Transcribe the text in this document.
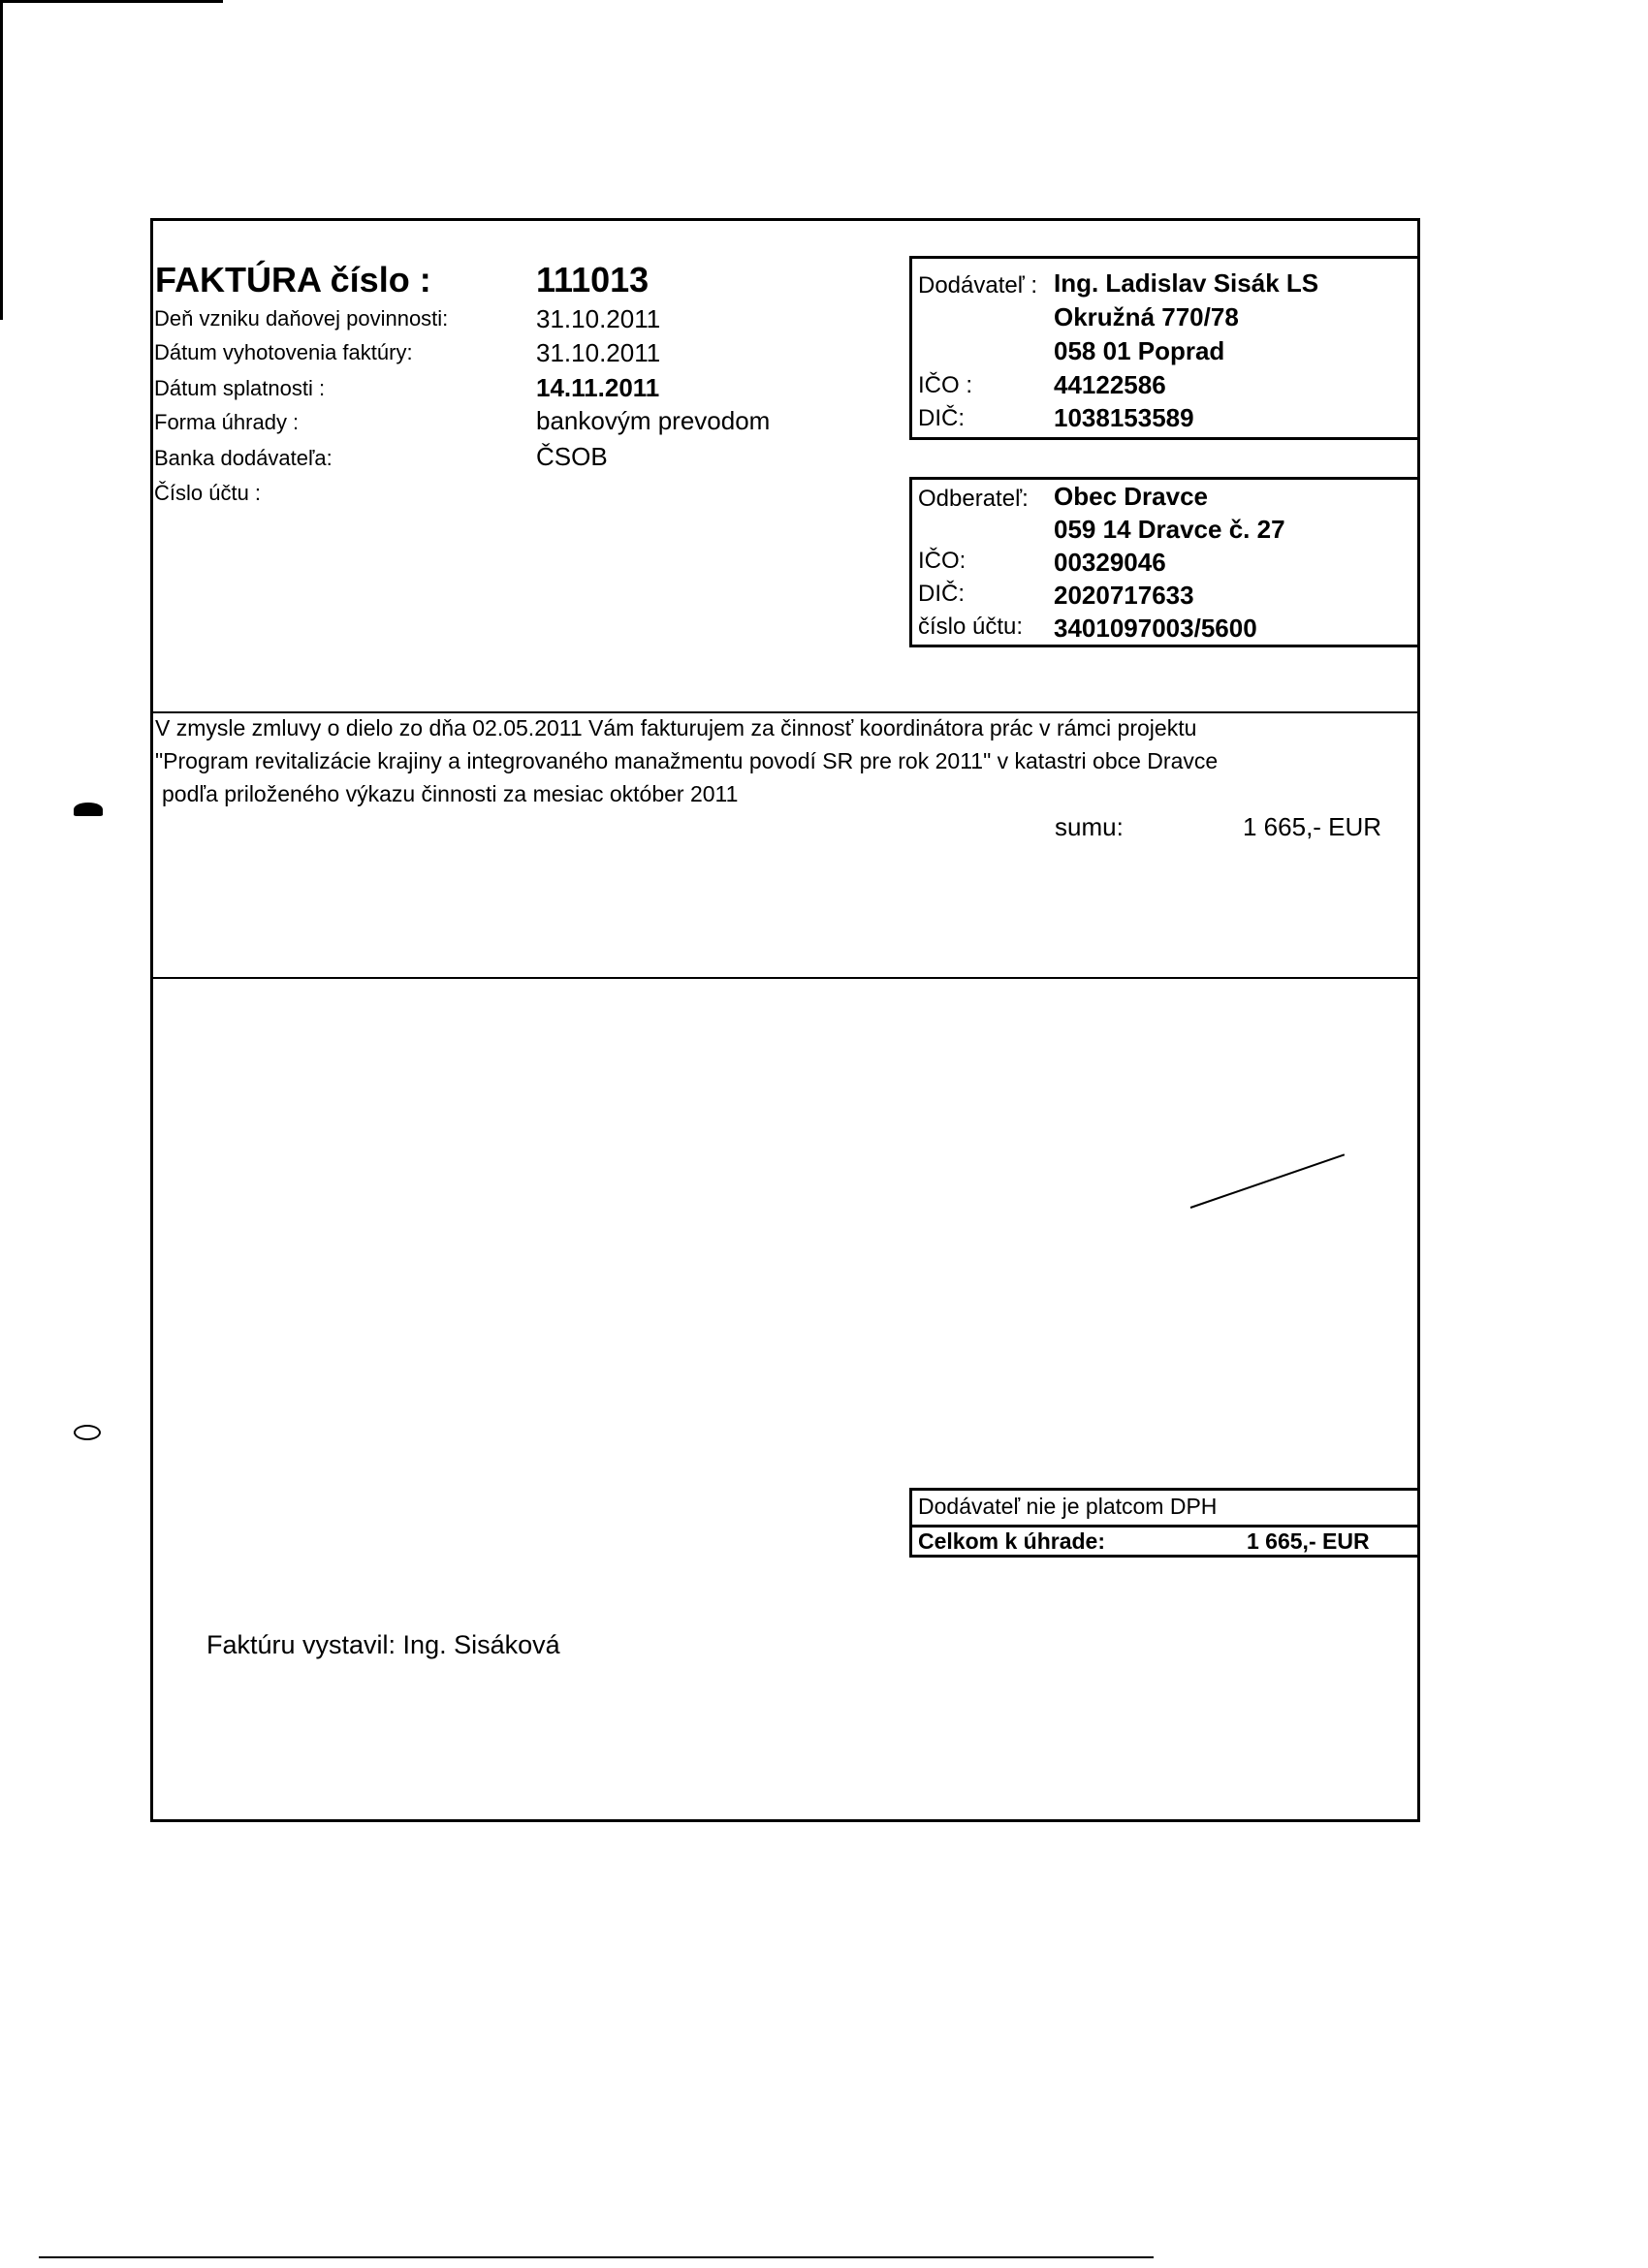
FAKTÚRA číslo :	111013
Deň vzniku daňovej povinnosti:	31.10.2011
Dátum vyhotovenia faktúry:	31.10.2011
Dátum splatnosti :	14.11.2011
Forma úhrady :	bankovým prevodom
Banka dodávateľa:	ČSOB
Číslo účtu :
Dodávateľ : Ing. Ladislav Sisák LS
Okružná 770/78
058 01 Poprad
IČO :	44122586
DIČ:	1038153589
Odberateľ: Obec Dravce
059 14 Dravce č. 27
IČO:	00329046
DIČ:	2020717633
číslo účtu: 3401097003/5600
V zmysle zmluvy o dielo zo dňa 02.05.2011 Vám fakturujem za činnosť koordinátora prác v rámci projektu
"Program revitalizácie krajiny a integrovaného manažmentu povodí SR pre rok 2011" v katastri obce Dravce
podľa priloženého výkazu činnosti za mesiac október 2011
sumu:	1 665,- EUR
Dodávateľ nie je platcom DPH
Celkom k úhrade:	1 665,- EUR
Faktúru vystavil: Ing. Sisáková
